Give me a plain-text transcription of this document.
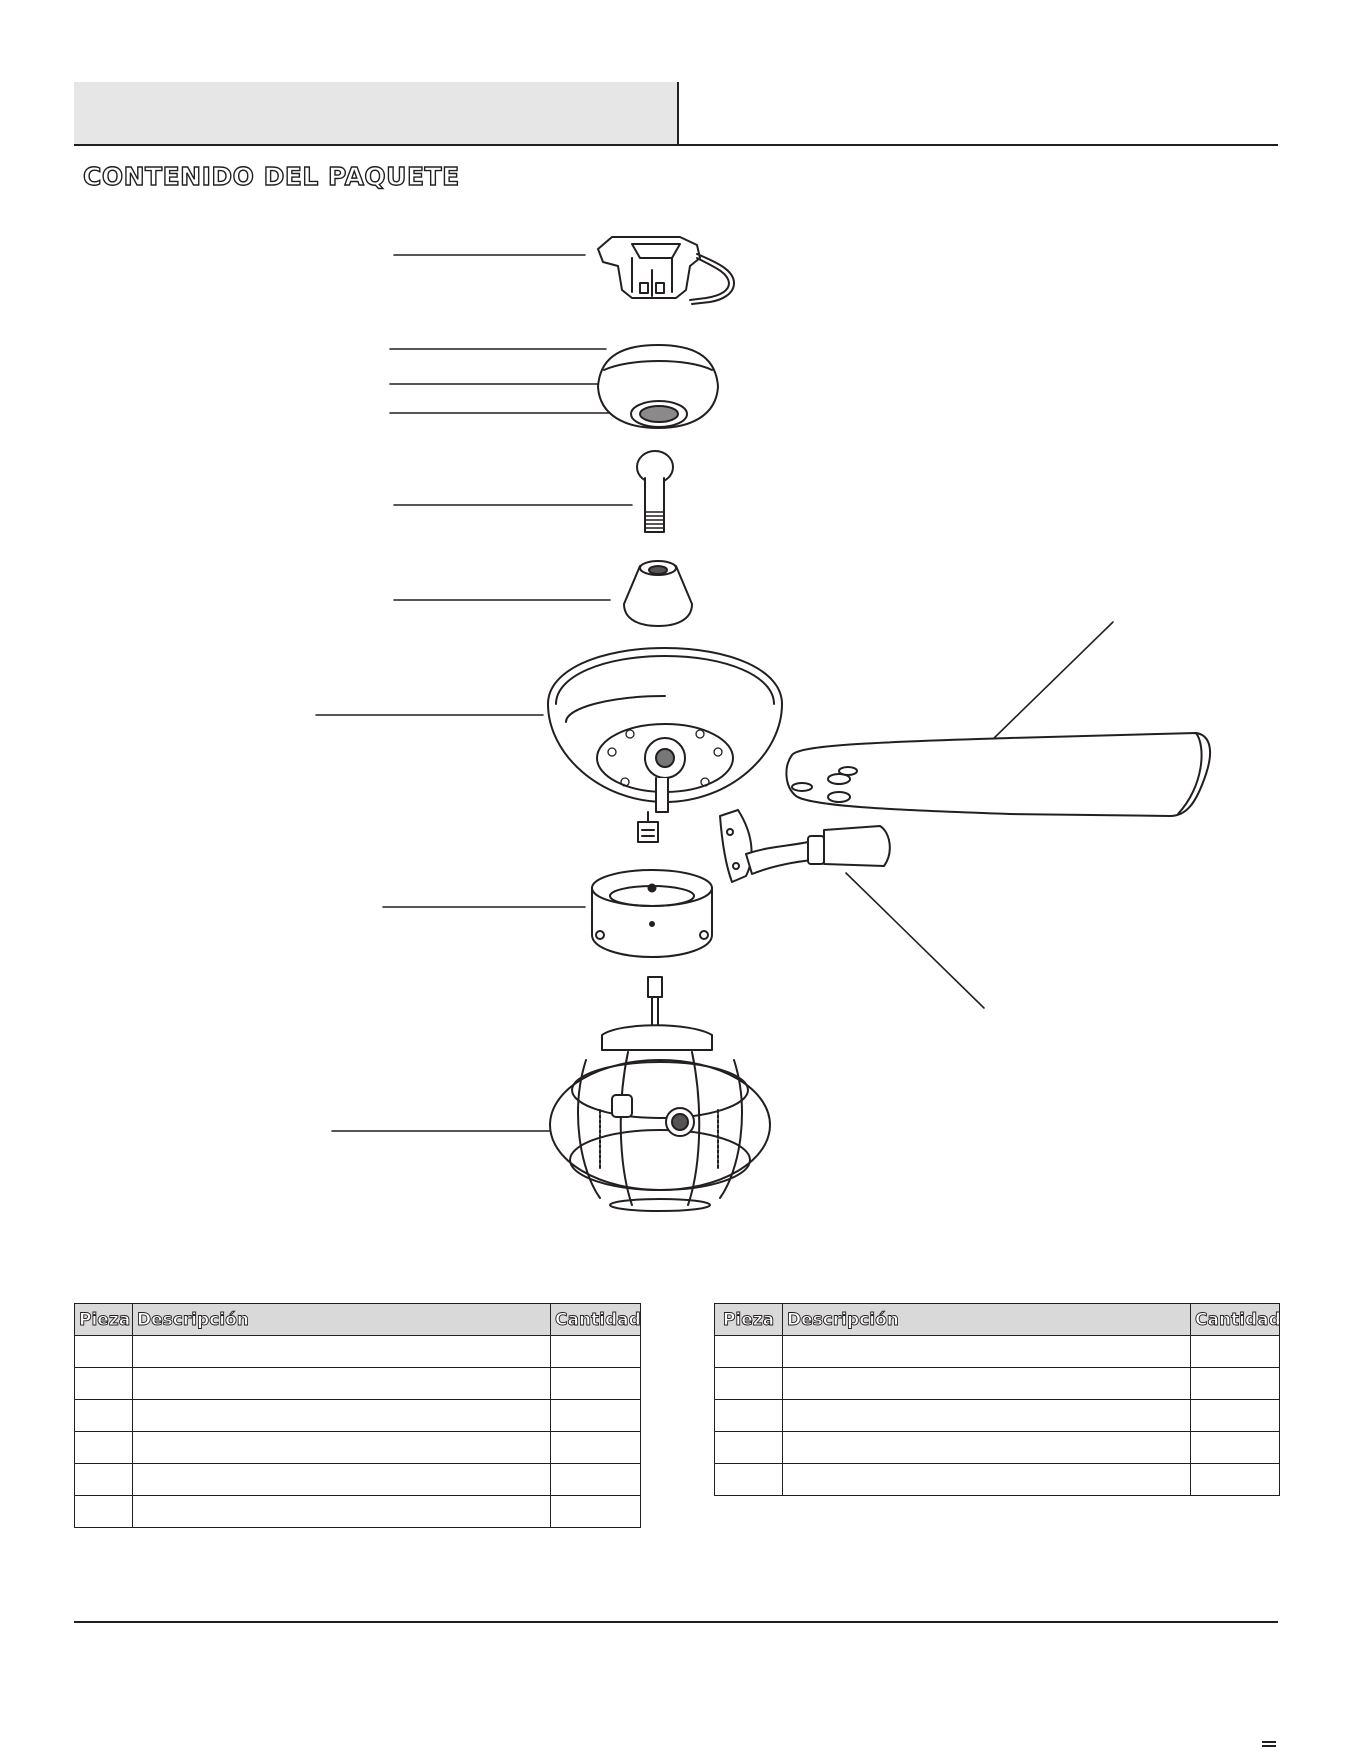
CONTENIDO DEL PAQUETE
Pieza	Descripción	Cantidad

			Pieza	Descripción	Cantidad
